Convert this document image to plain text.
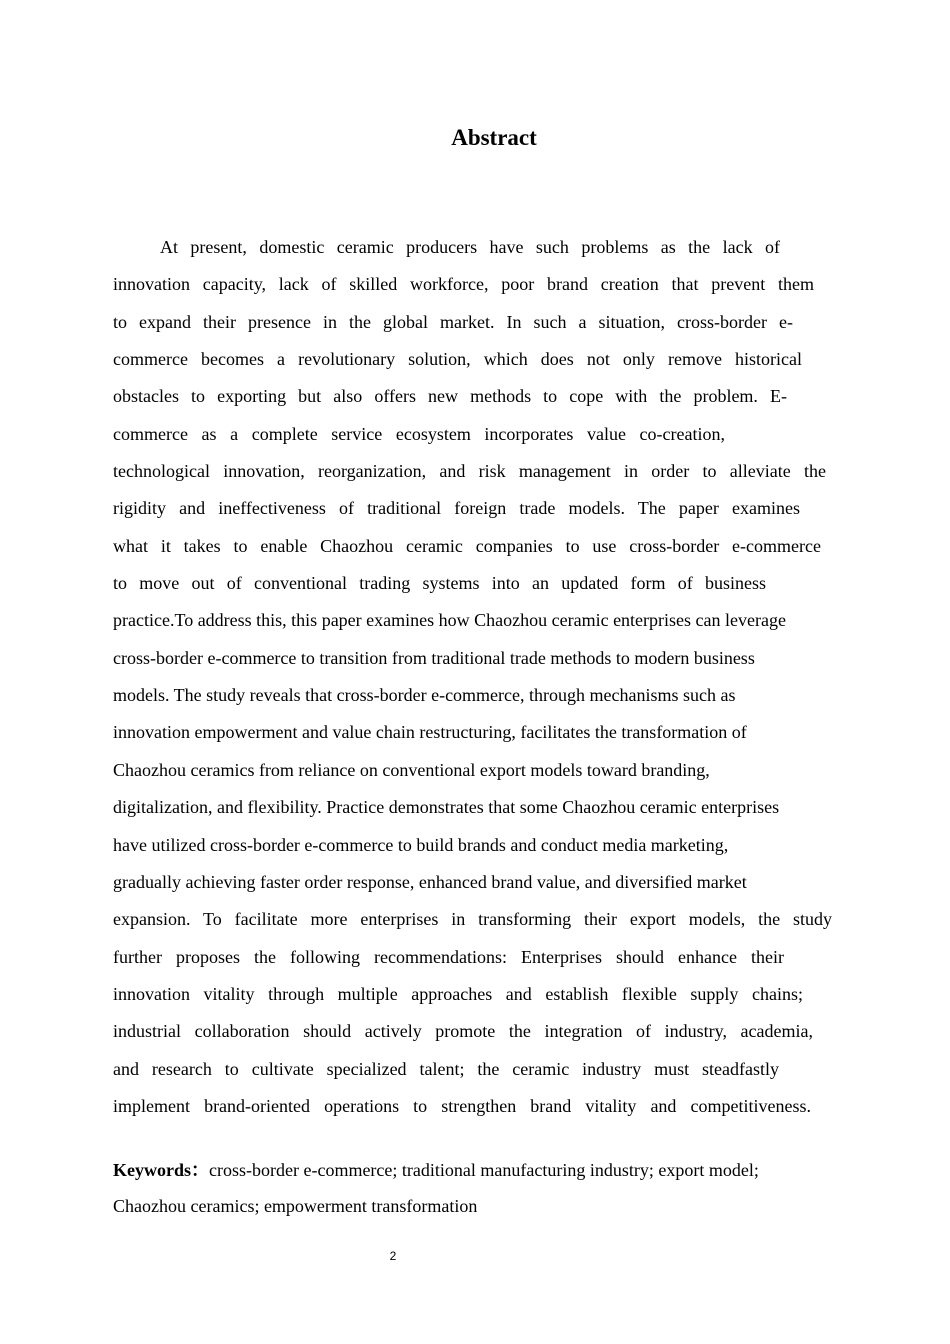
Abstract
At present, domestic ceramic producers have such problems as the lack of
innovation capacity, lack of skilled workforce, poor brand creation that prevent them
to expand their presence in the global market. In such a situation, cross-border e-
commerce becomes a revolutionary solution, which does not only remove historical
obstacles to exporting but also offers new methods to cope with the problem. E-
commerce as a complete service ecosystem incorporates value co-creation,
technological innovation, reorganization, and risk management in order to alleviate the
rigidity and ineffectiveness of traditional foreign trade models. The paper examines
what it takes to enable Chaozhou ceramic companies to use cross-border e-commerce
to move out of conventional trading systems into an updated form of business
practice.To address this, this paper examines how Chaozhou ceramic enterprises can leverage
cross-border e-commerce to transition from traditional trade methods to modern business
models. The study reveals that cross-border e-commerce, through mechanisms such as
innovation empowerment and value chain restructuring, facilitates the transformation of
Chaozhou ceramics from reliance on conventional export models toward branding,
digitalization, and flexibility. Practice demonstrates that some Chaozhou ceramic enterprises
have utilized cross-border e-commerce to build brands and conduct media marketing,
gradually achieving faster order response, enhanced brand value, and diversified market
expansion. To facilitate more enterprises in transforming their export models, the study
further proposes the following recommendations: Enterprises should enhance their
innovation vitality through multiple approaches and establish flexible supply chains;
industrial collaboration should actively promote the integration of industry, academia,
and research to cultivate specialized talent; the ceramic industry must steadfastly
implement brand-oriented operations to strengthen brand vitality and competitiveness.
Keywords：cross-border e-commerce; traditional manufacturing industry; export model; Chaozhou ceramics; empowerment transformation
2
